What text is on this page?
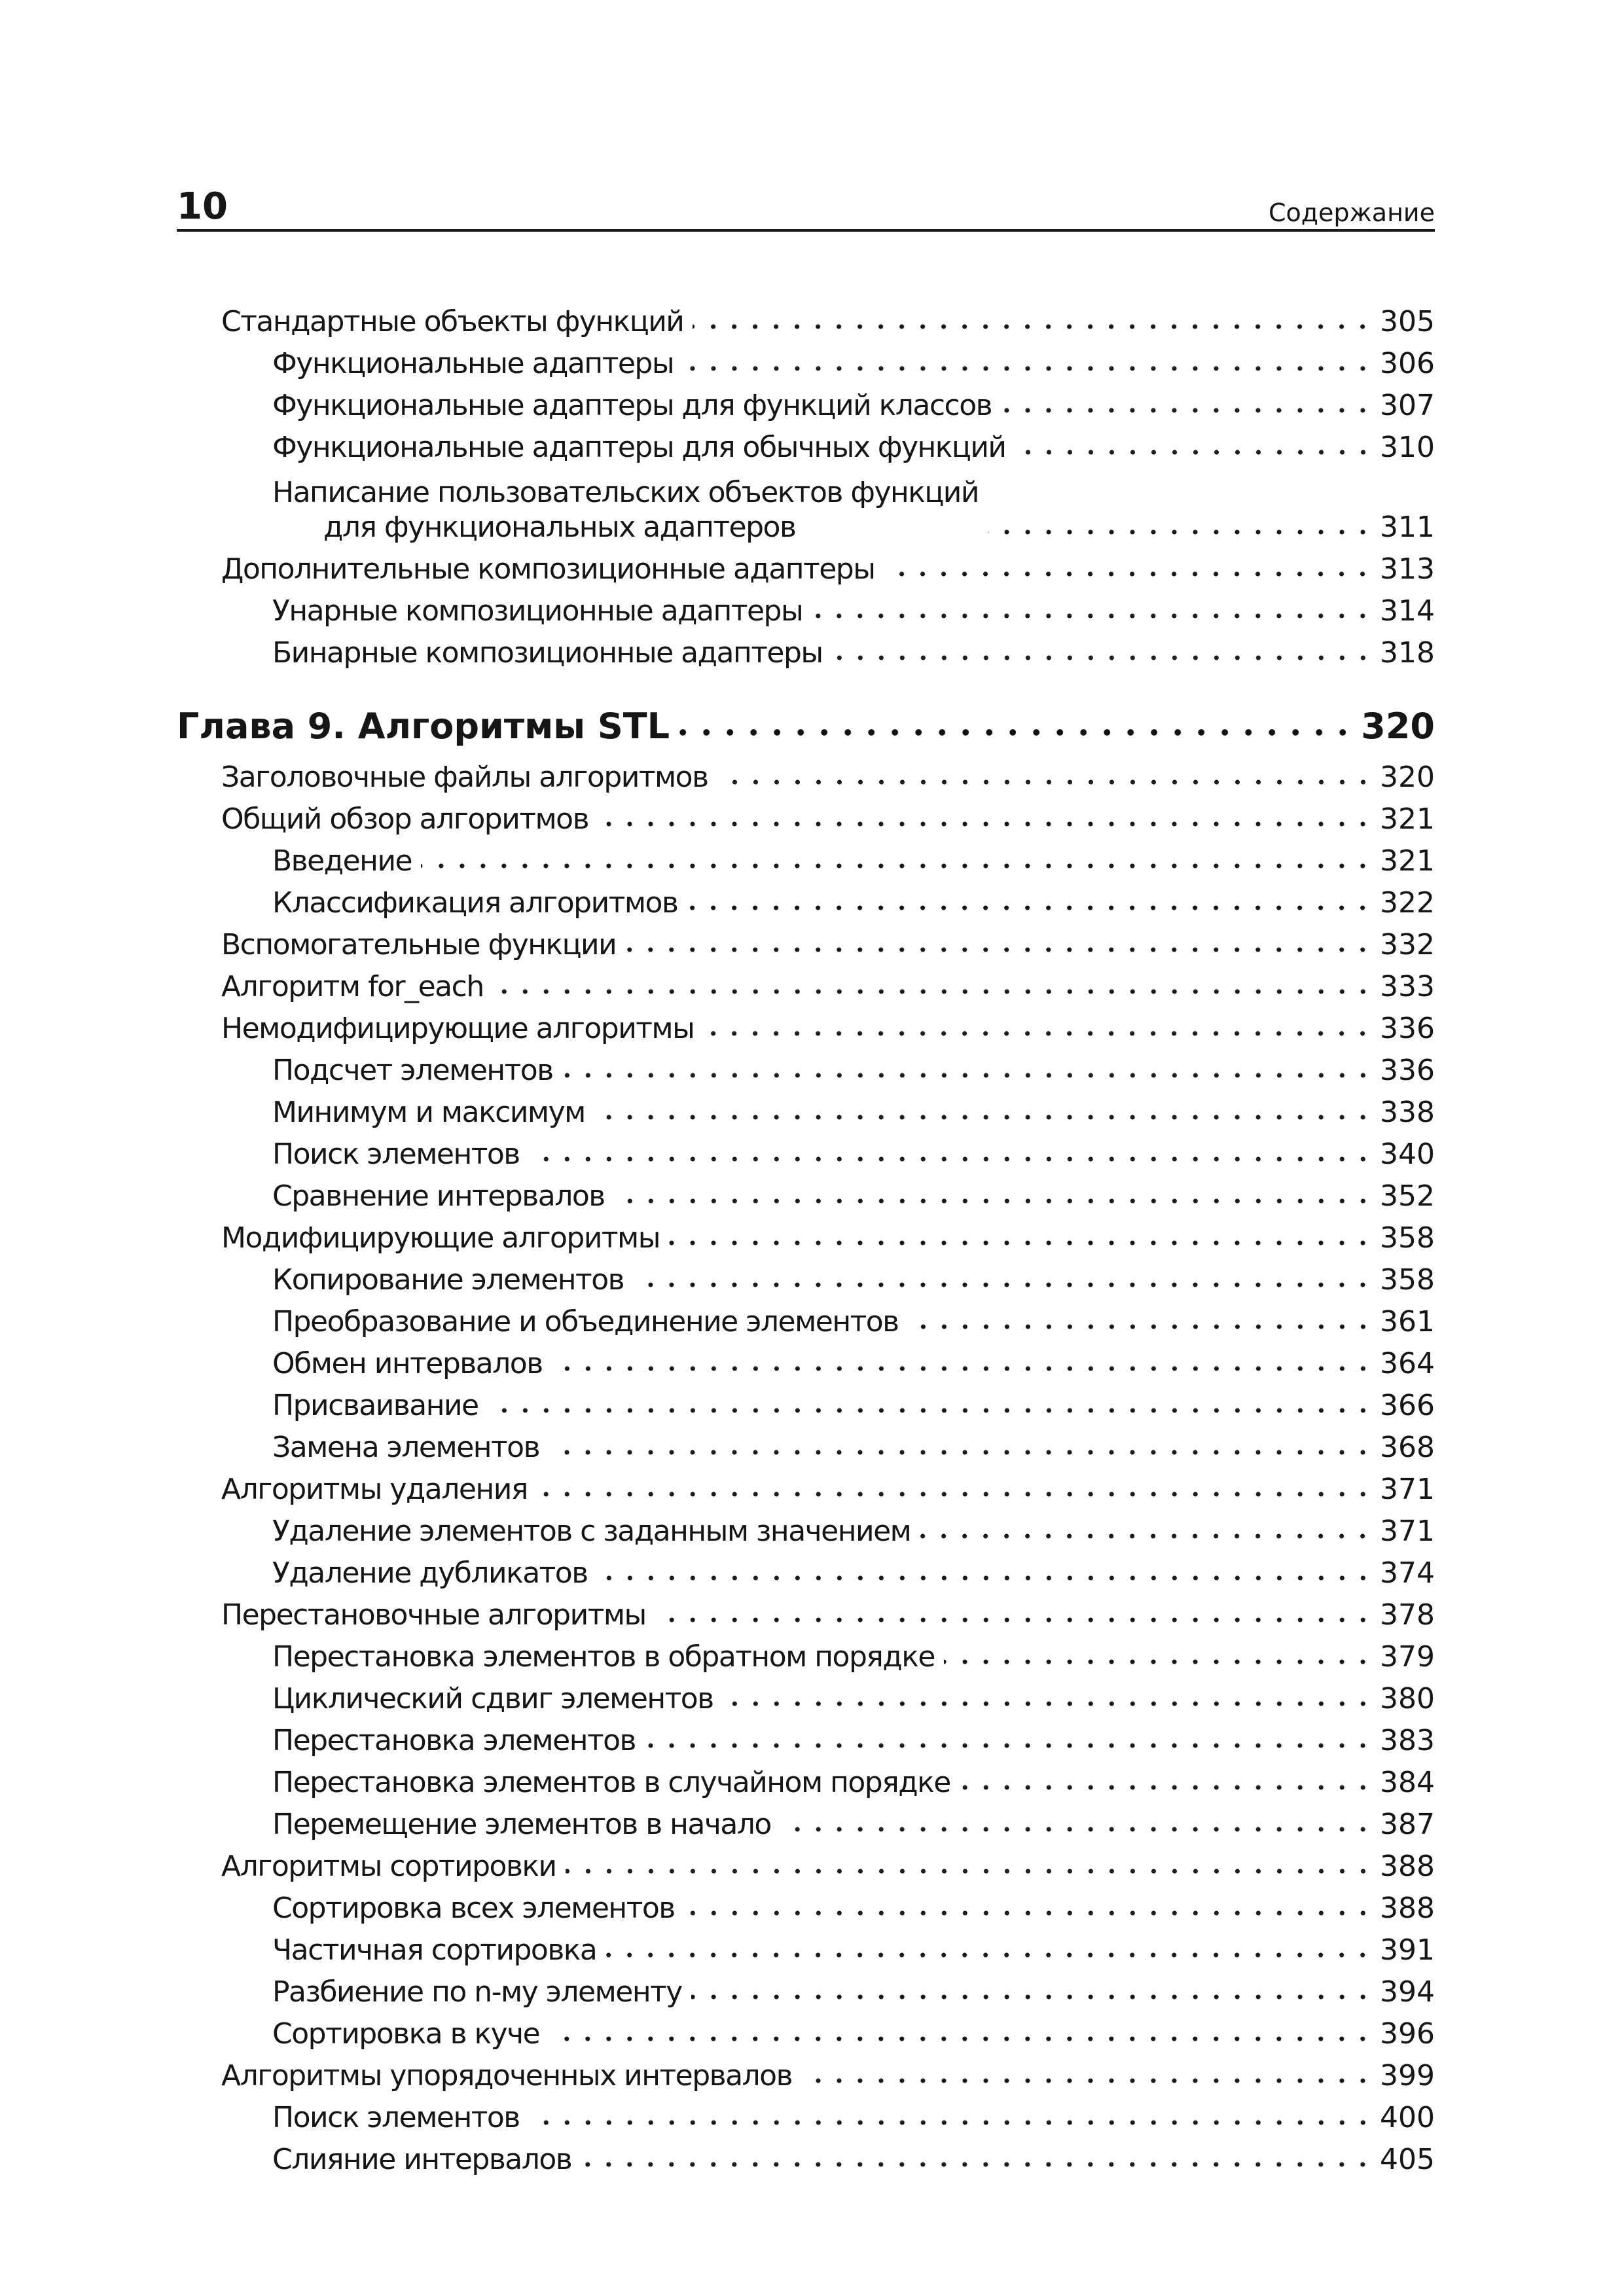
10	Содержание
Стандартные объекты функций	305
Функциональные адаптеры	306
Функциональные адаптеры для функций классов	307
Функциональные адаптеры для обычных функций	310
Написание пользовательских объектов функций
для функциональных адаптеров	311
Дополнительные композиционные адаптеры	313
Унарные композиционные адаптеры	314
Бинарные композиционные адаптеры	318
Глава 9. Алгоритмы STL	320
Заголовочные файлы алгоритмов	320
Общий обзор алгоритмов	321
Введение	321
Классификация алгоритмов	322
Вспомогательные функции	332
Алгоритм for_each	333
Немодифицирующие алгоритмы	336
Подсчет элементов	336
Минимум и максимум	338
Поиск элементов	340
Сравнение интервалов	352
Модифицирующие алгоритмы	358
Копирование элементов	358
Преобразование и объединение элементов	361
Обмен интервалов	364
Присваивание	366
Замена элементов	368
Алгоритмы удаления	371
Удаление элементов с заданным значением	371
Удаление дубликатов	374
Перестановочные алгоритмы	378
Перестановка элементов в обратном порядке	379
Циклический сдвиг элементов	380
Перестановка элементов	383
Перестановка элементов в случайном порядке	384
Перемещение элементов в начало	387
Алгоритмы сортировки	388
Сортировка всех элементов	388
Частичная сортировка	391
Разбиение по n-му элементу	394
Сортировка в куче	396
Алгоритмы упорядоченных интервалов	399
Поиск элементов	400
Слияние интервалов	405
